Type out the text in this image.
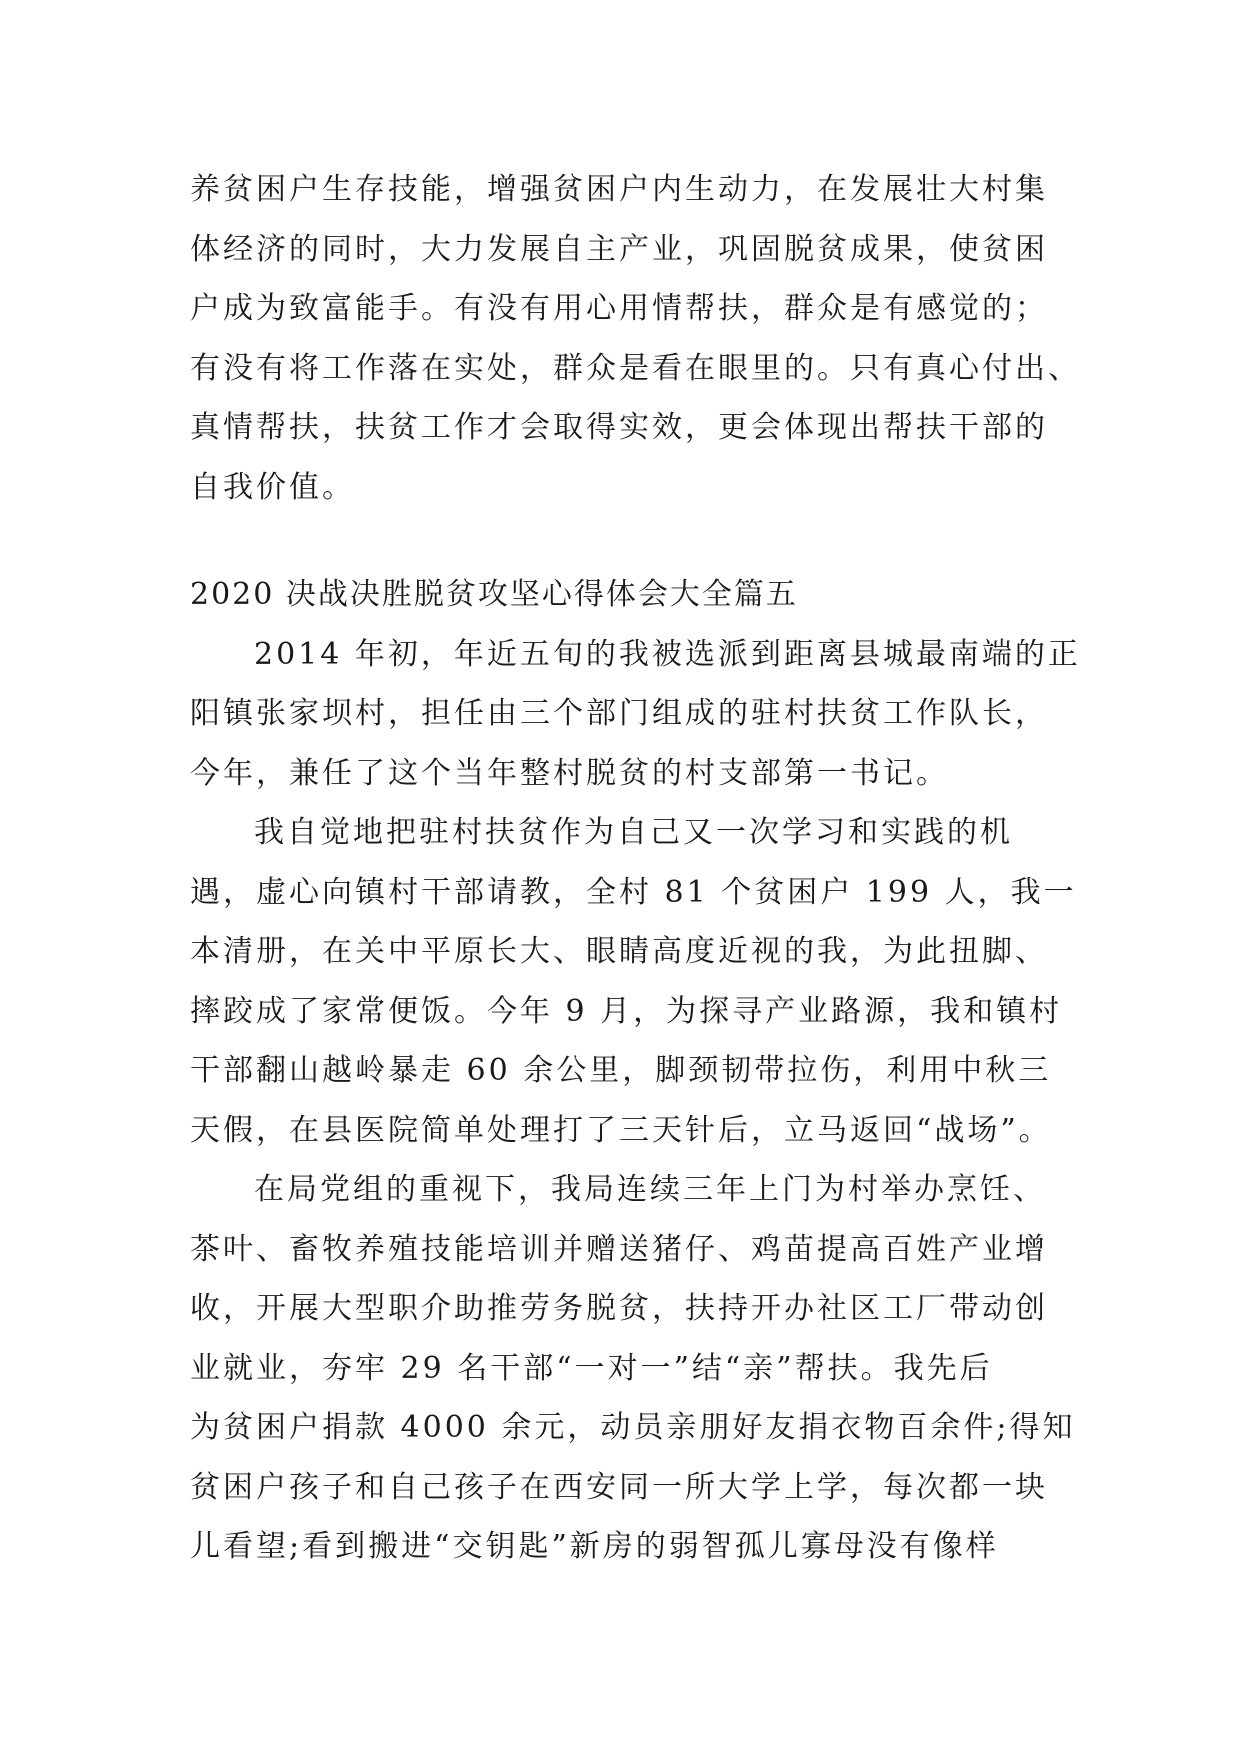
养贫困户生存技能，增强贫困户内生动力，在发展壮大村集
体经济的同时，大力发展自主产业，巩固脱贫成果，使贫困
户成为致富能手。有没有用心用情帮扶，群众是有感觉的；
有没有将工作落在实处，群众是看在眼里的。只有真心付出、
真情帮扶，扶贫工作才会取得实效，更会体现出帮扶干部的
自我价值。
2020 决战决胜脱贫攻坚心得体会大全篇五
2014 年初，年近五旬的我被选派到距离县城最南端的正
阳镇张家坝村，担任由三个部门组成的驻村扶贫工作队长，
今年，兼任了这个当年整村脱贫的村支部第一书记。
我自觉地把驻村扶贫作为自己又一次学习和实践的机
遇，虚心向镇村干部请教，全村 81 个贫困户 199 人，我一
本清册，在关中平原长大、眼睛高度近视的我，为此扭脚、
摔跤成了家常便饭。今年 9 月，为探寻产业路源，我和镇村
干部翻山越岭暴走 60 余公里，脚颈韧带拉伤，利用中秋三
天假，在县医院简单处理打了三天针后，立马返回“战场”。
在局党组的重视下，我局连续三年上门为村举办烹饪、
茶叶、畜牧养殖技能培训并赠送猪仔、鸡苗提高百姓产业增
收，开展大型职介助推劳务脱贫，扶持开办社区工厂带动创
业就业，夯牢 29 名干部“一对一”结“亲”帮扶。我先后
为贫困户捐款 4000 余元，动员亲朋好友捐衣物百余件;得知
贫困户孩子和自己孩子在西安同一所大学上学，每次都一块
儿看望;看到搬进“交钥匙”新房的弱智孤儿寡母没有像样
